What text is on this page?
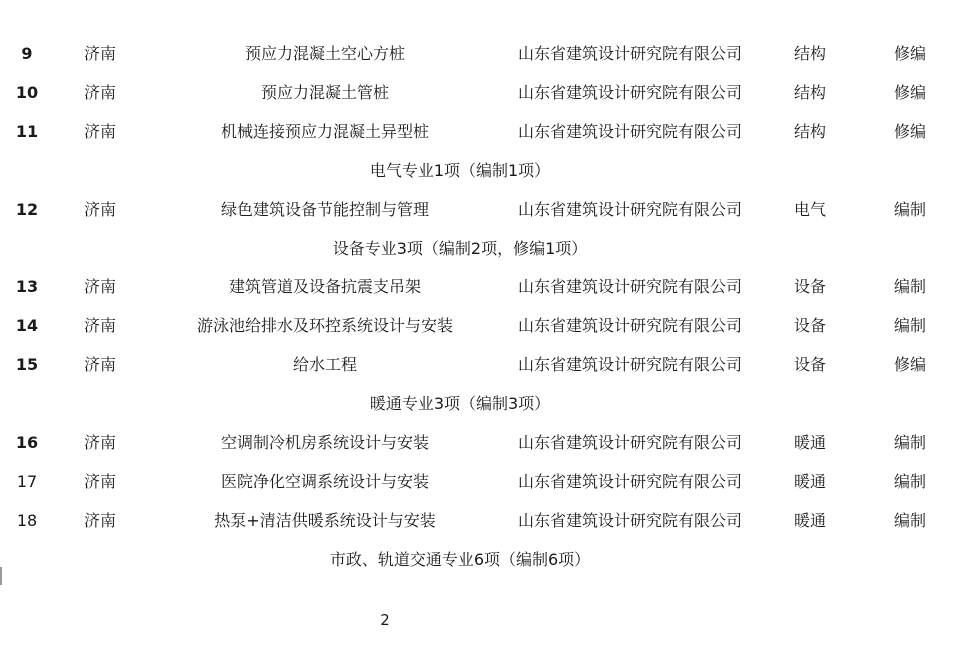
9	济南	预应力混凝土空心方桩	山东省建筑设计研究院有限公司	结构	修编
10	济南	预应力混凝土管桩	山东省建筑设计研究院有限公司	结构	修编
11	济南	机械连接预应力混凝土异型桩	山东省建筑设计研究院有限公司	结构	修编
电气专业1项（编制1项）
12	济南	绿色建筑设备节能控制与管理	山东省建筑设计研究院有限公司	电气	编制
设备专业3项（编制2项，修编1项）
13	济南	建筑管道及设备抗震支吊架	山东省建筑设计研究院有限公司	设备	编制
14	济南	游泳池给排水及环控系统设计与安装	山东省建筑设计研究院有限公司	设备	编制
15	济南	给水工程	山东省建筑设计研究院有限公司	设备	修编
暖通专业3项（编制3项）
16	济南	空调制冷机房系统设计与安装	山东省建筑设计研究院有限公司	暖通	编制
17	济南	医院净化空调系统设计与安装	山东省建筑设计研究院有限公司	暖通	编制
18	济南	热泵+清洁供暖系统设计与安装	山东省建筑设计研究院有限公司	暖通	编制
市政、轨道交通专业6项（编制6项）
2
